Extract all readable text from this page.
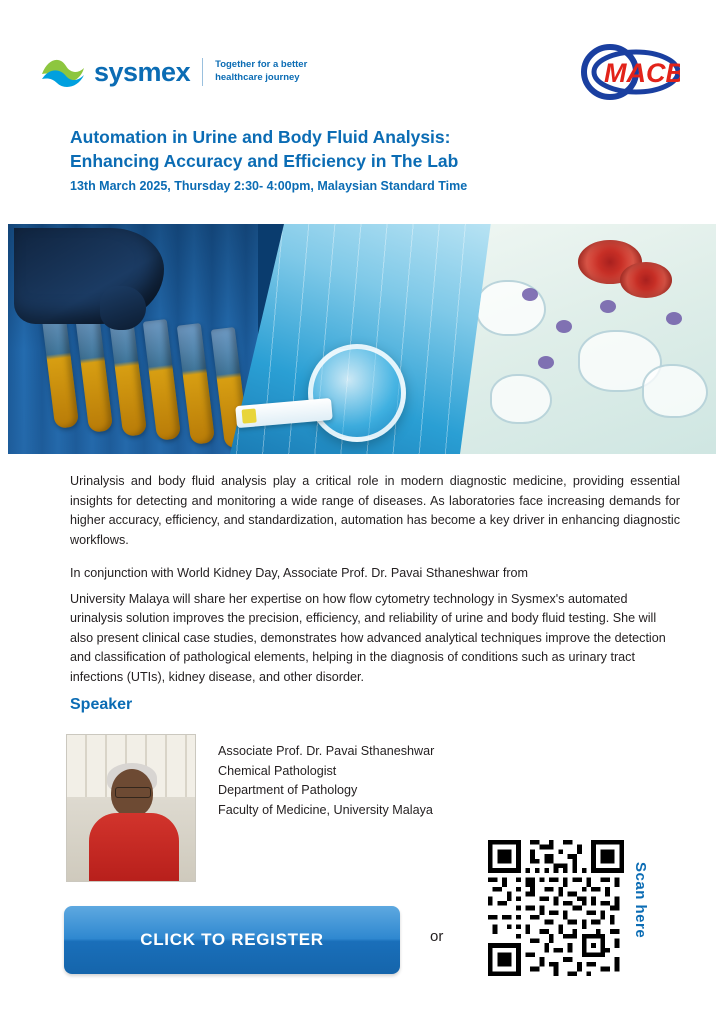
sysmex	Together for a better
healthcare journey	MACB
Automation in Urine and Body Fluid Analysis:
Enhancing Accuracy and Efficiency in The Lab
13th March 2025, Thursday 2:30- 4:00pm, Malaysian Standard Time

Urinalysis and body fluid analysis play a critical role in modern diagnostic medicine, providing essential insights for detecting and monitoring a wide range of diseases. As laboratories face increasing demands for higher accuracy, efficiency, and standardization, automation has become a key driver in enhancing diagnostic workflows.

In conjunction with World Kidney Day, Associate Prof. Dr. Pavai Sthaneshwar from

University Malaya will share her expertise on how flow cytometry technology in Sysmex's automated urinalysis solution improves the precision, efficiency, and reliability of urine and body fluid testing. She will also present clinical case studies, demonstrates how advanced analytical techniques improve the detection and classification of pathological elements, helping in the diagnosis of conditions such as urinary tract infections (UTIs), kidney disease, and other disorder.

Speaker
Associate Prof. Dr. Pavai Sthaneshwar
Chemical Pathologist
Department of Pathology
Faculty of Medicine, University Malaya
CLICK TO REGISTER	or	Scan here
